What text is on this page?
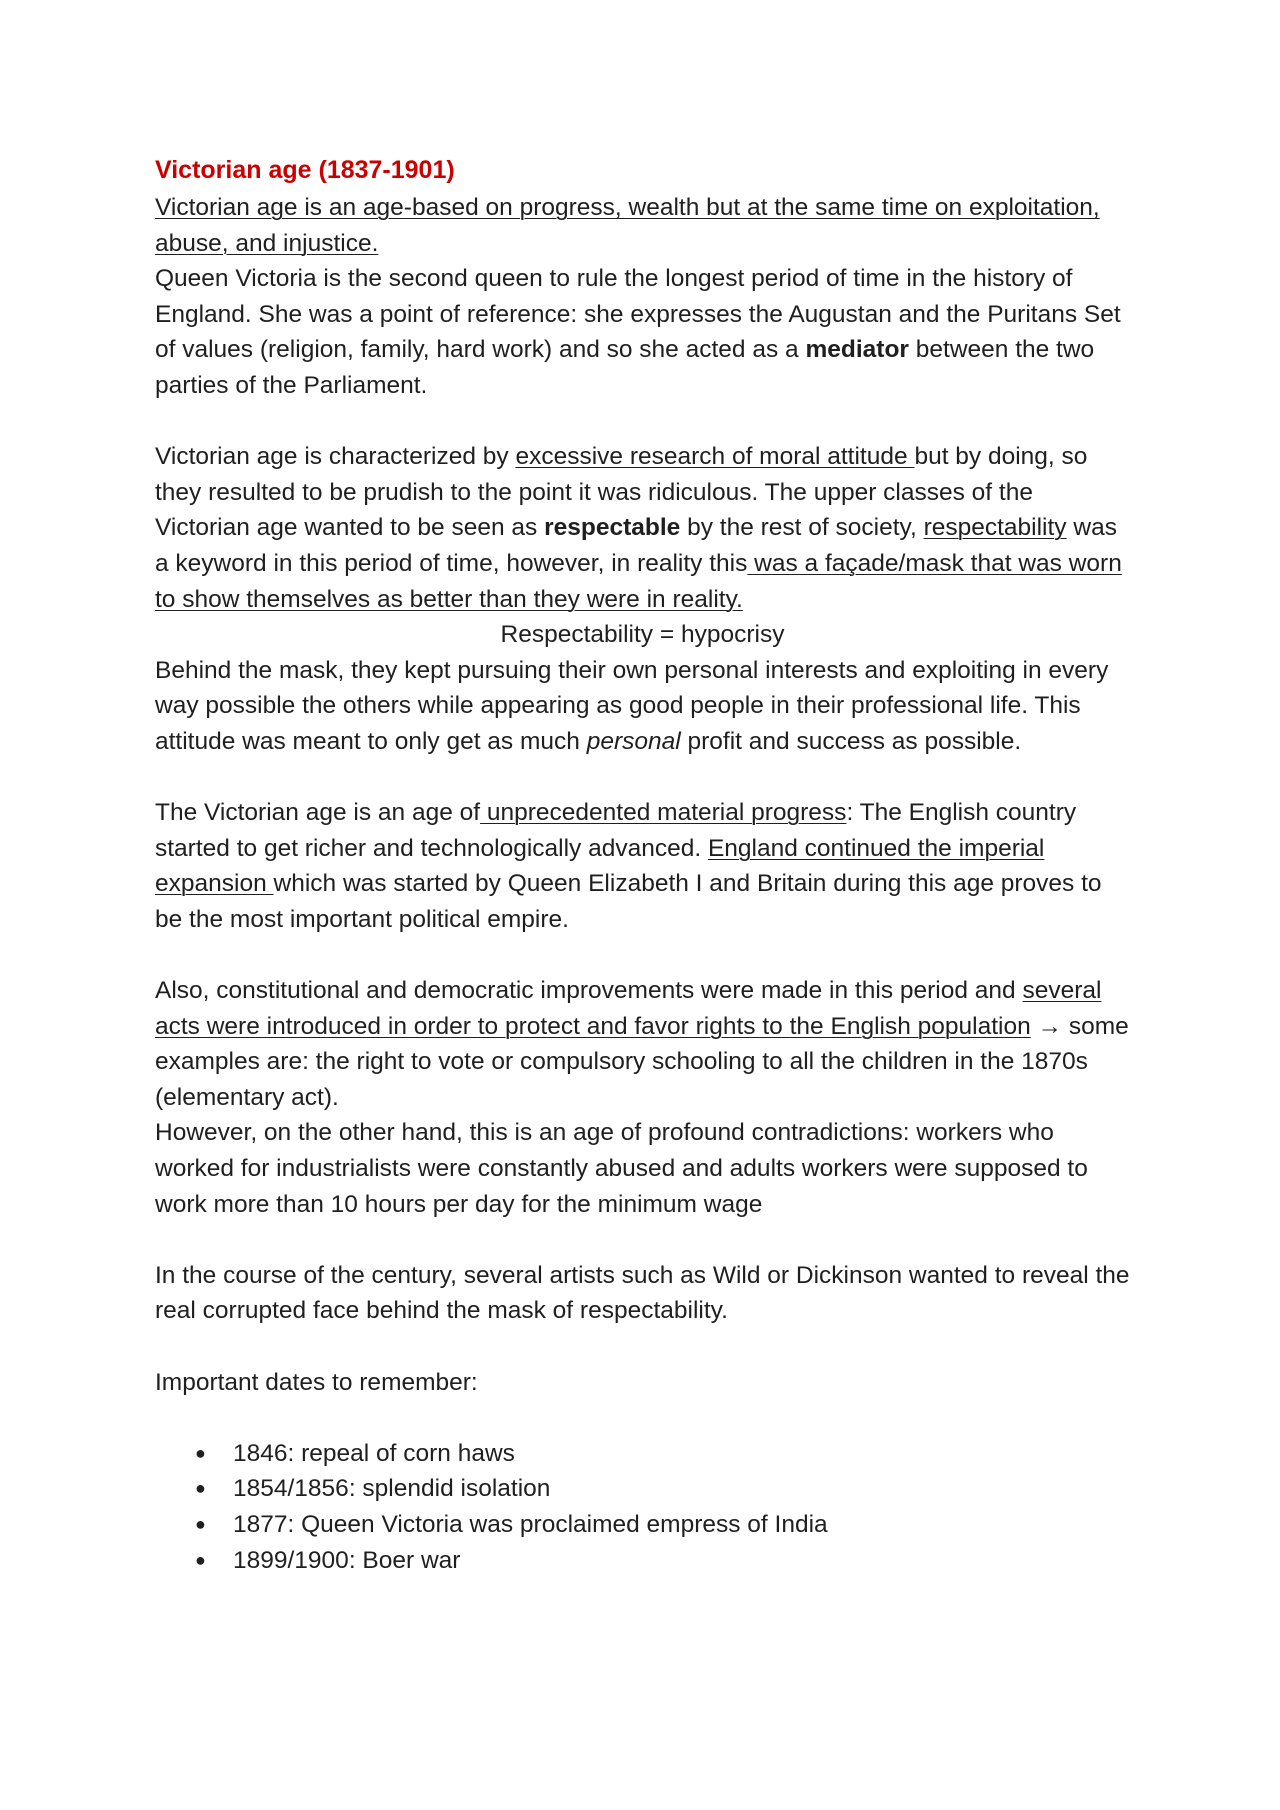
Victorian age (1837-1901)

Victorian age is an age-based on progress, wealth but at the same time on exploitation, abuse, and injustice.

Queen Victoria is the second queen to rule the longest period of time in the history of England. She was a point of reference: she expresses the Augustan and the Puritans Set of values (religion, family, hard work) and so she acted as a mediator between the two parties of the Parliament.

Victorian age is characterized by excessive research of moral attitude but by doing, so they resulted to be prudish to the point it was ridiculous. The upper classes of the Victorian age wanted to be seen as respectable by the rest of society, respectability was a keyword in this period of time, however, in reality this was a façade/mask that was worn to show themselves as better than they were in reality.

Respectability = hypocrisy

Behind the mask, they kept pursuing their own personal interests and exploiting in every way possible the others while appearing as good people in their professional life. This attitude was meant to only get as much personal profit and success as possible.

The Victorian age is an age of unprecedented material progress: The English country started to get richer and technologically advanced. England continued the imperial expansion which was started by Queen Elizabeth I and Britain during this age proves to be the most important political empire.

Also, constitutional and democratic improvements were made in this period and several acts were introduced in order to protect and favor rights to the English population → some examples are: the right to vote or compulsory schooling to all the children in the 1870s (elementary act).

However, on the other hand, this is an age of profound contradictions: workers who worked for industrialists were constantly abused and adults workers were supposed to work more than 10 hours per day for the minimum wage

In the course of the century, several artists such as Wild or Dickinson wanted to reveal the real corrupted face behind the mask of respectability.

Important dates to remember:

● 1846: repeal of corn haws
● 1854/1856: splendid isolation
● 1877: Queen Victoria was proclaimed empress of India
● 1899/1900: Boer war
